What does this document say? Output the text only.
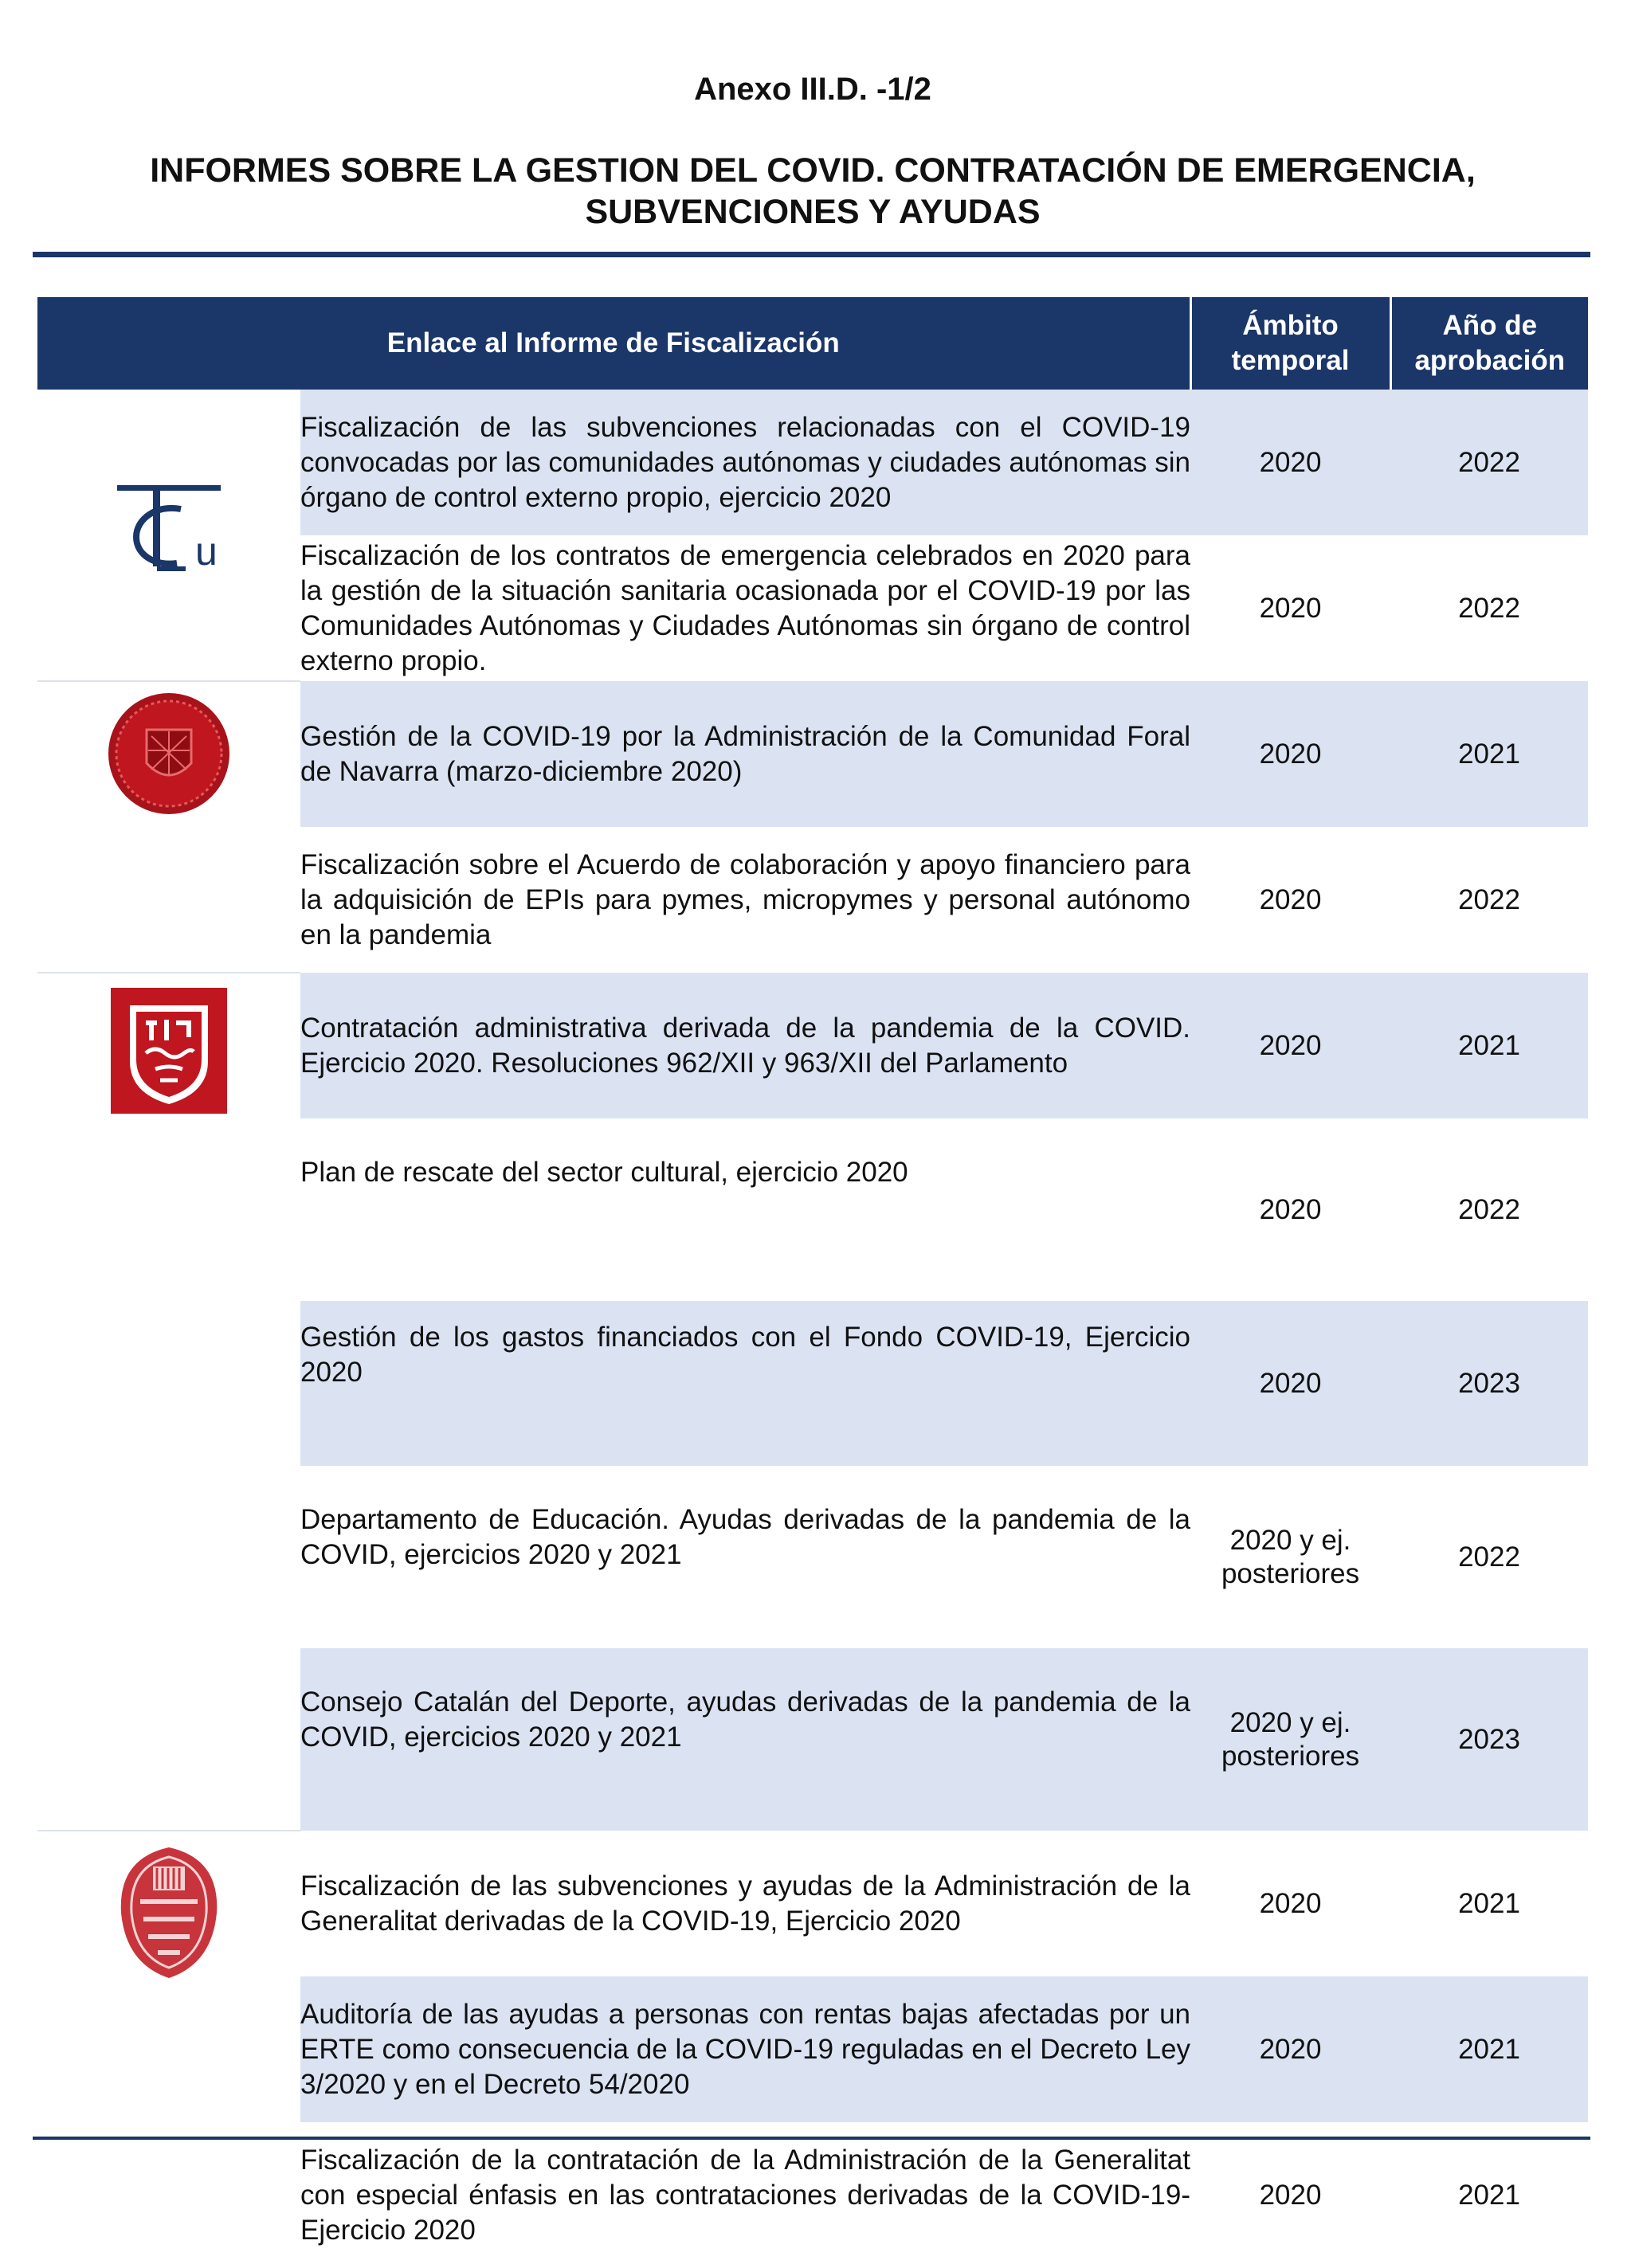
Anexo III.D. -1/2
INFORMES SOBRE LA GESTION DEL COVID. CONTRATACIÓN DE EMERGENCIA,
SUBVENCIONES Y AYUDAS
Enlace al Informe de Fiscalización		Ámbito temporal	Año de aprobación

u	Fiscalización de las subvenciones relacionadas con el COVID-19 convocadas por las comunidades autónomas y ciudades autónomas sin órgano de control externo propio, ejercicio 2020	2020	2022
	Fiscalización de los contratos de emergencia celebrados en 2020 para la gestión de la situación sanitaria ocasionada por el COVID-19 por las Comunidades Autónomas y Ciudades Autónomas sin órgano de control externo propio.	2020	2022
	Gestión de la COVID-19 por la Administración de la Comunidad Foral de Navarra (marzo-diciembre 2020)	2020	2021
	Fiscalización sobre el Acuerdo de colaboración y apoyo financiero para la adquisición de EPIs para pymes, micropymes y personal autónomo en la pandemia	2020	2022
	Contratación administrativa derivada de la pandemia de la COVID. Ejercicio 2020. Resoluciones 962/XII y 963/XII del Parlamento	2020	2021
	Plan de rescate del sector cultural, ejercicio 2020	2020	2022
	Gestión de los gastos financiados con el Fondo COVID-19, Ejercicio 2020	2020	2023
	Departamento de Educación. Ayudas derivadas de la pandemia de la COVID, ejercicios 2020 y 2021	2020 y ej. posteriores	2022
	Consejo Catalán del Deporte, ayudas derivadas de la pandemia de la COVID, ejercicios 2020 y 2021	2020 y ej. posteriores	2023
	Fiscalización de las subvenciones y ayudas de la Administración de la Generalitat derivadas de la COVID-19, Ejercicio 2020	2020	2021
	Auditoría de las ayudas a personas con rentas bajas afectadas por un ERTE como consecuencia de la COVID-19 reguladas en el Decreto Ley 3/2020 y en el Decreto 54/2020	2020	2021
	Fiscalización de la contratación de la Administración de la Generalitat con especial énfasis en las contrataciones derivadas de la COVID-19- Ejercicio 2020	2020	2021
